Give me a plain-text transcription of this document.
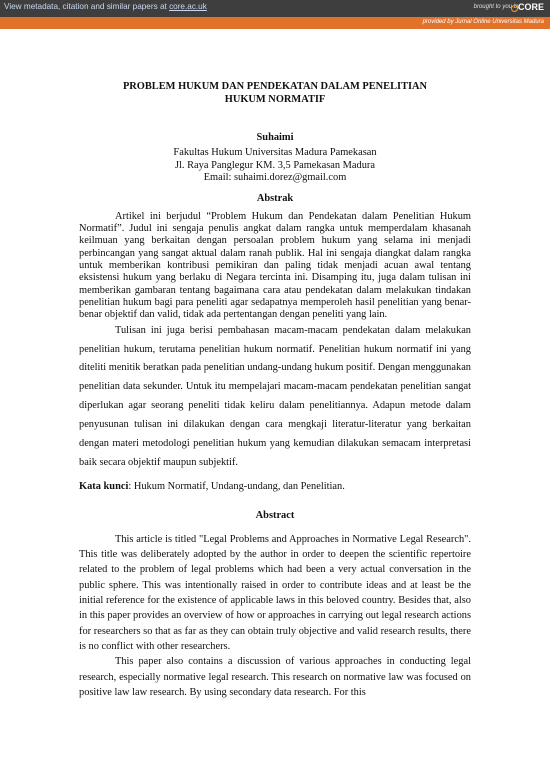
View metadata, citation and similar papers at core.ac.uk	brought to you by
CORE
provided by Jurnal Online Universitas Madura

PROBLEM HUKUM DAN PENDEKATAN DALAM PENELITIAN
HUKUM NORMATIF

Suhaimi

Fakultas Hukum Universitas Madura Pamekasan
Jl. Raya Panglegur KM. 3,5 Pamekasan Madura
Email: suhaimi.dorez@gmail.com

Abstrak

Artikel ini berjudul “Problem Hukum dan Pendekatan dalam Penelitian Hukum Normatif”. Judul ini sengaja penulis angkat dalam rangka untuk memperdalam khasanah keilmuan yang berkaitan dengan persoalan problem hukum yang selama ini menjadi perbincangan yang sangat aktual dalam ranah publik. Hal ini sengaja diangkat dalam rangka untuk memberikan kontribusi pemikiran dan paling tidak menjadi acuan awal tentang eksistensi hukum yang berlaku di Negara tercinta ini. Disamping itu, juga dalam tulisan ini memberikan gambaran tentang bagaimana cara atau pendekatan dalam melakukan tindakan penelitian hukum bagi para peneliti agar sedapatnya memperoleh hasil penelitian yang benar-benar objektif dan valid, tidak ada pertentangan dengan peneliti yang lain.

Tulisan ini juga berisi pembahasan macam-macam pendekatan dalam melakukan penelitian hukum, terutama penelitian hukum normatif. Penelitian hukum normatif ini yang diteliti menitik beratkan pada penelitian undang-undang hukum positif. Dengan menggunakan penelitian data sekunder. Untuk itu mempelajari macam-macam pendekatan penelitian sangat diperlukan agar seorang peneliti tidak keliru dalam penelitiannya. Adapun metode dalam penyusunan tulisan ini dilakukan dengan cara mengkaji literatur-literatur yang berkaitan dengan materi metodologi penelitian hukum yang kemudian dilakukan semacam interpretasi baik secara objektif maupun subjektif.

Kata kunci: Hukum Normatif, Undang-undang, dan Penelitian.

Abstract

This article is titled "Legal Problems and Approaches in Normative Legal Research". This title was deliberately adopted by the author in order to deepen the scientific repertoire related to the problem of legal problems which had been a very actual conversation in the public sphere. This was intentionally raised in order to contribute ideas and at least be the initial reference for the existence of applicable laws in this beloved country. Besides that, also in this paper provides an overview of how or approaches in carrying out legal research actions for researchers so that as far as they can obtain truly objective and valid research results, there is no conflict with other researchers.

This paper also contains a discussion of various approaches in conducting legal research, especially normative legal research. This research on normative law was focused on positive law law research. By using secondary data research. For this
